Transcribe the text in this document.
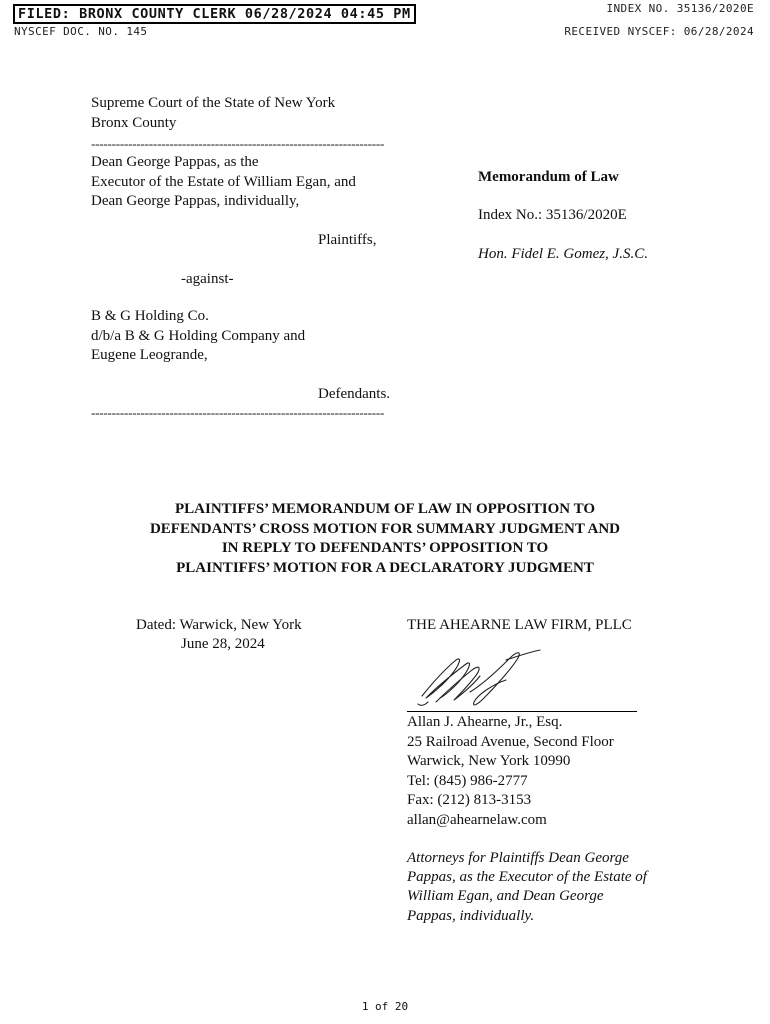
FILED: BRONX COUNTY CLERK 06/28/2024 04:45 PM	INDEX NO. 35136/2020E
NYSCEF DOC. NO. 145	RECEIVED NYSCEF: 06/28/2024
Supreme Court of the State of New York
Bronx County
-----------------------------------------------------------------------
Dean George Pappas, as the
Executor of the Estate of William Egan, and
Dean George Pappas, individually,
Plaintiffs,
-against-
B & G Holding Co.
d/b/a B & G Holding Company and
Eugene Leogrande,
Defendants.
-----------------------------------------------------------------------
Memorandum of Law
Index No.: 35136/2020E
Hon. Fidel E. Gomez, J.S.C.
PLAINTIFFS’ MEMORANDUM OF LAW IN OPPOSITION TO
DEFENDANTS’ CROSS MOTION FOR SUMMARY JUDGMENT AND
IN REPLY TO DEFENDANTS’ OPPOSITION TO
PLAINTIFFS’ MOTION FOR A DECLARATORY JUDGMENT
Dated: Warwick, New York
June 28, 2024
THE AHEARNE LAW FIRM, PLLC
Allan J. Ahearne, Jr., Esq.
25 Railroad Avenue, Second Floor
Warwick, New York 10990
Tel: (845) 986-2777
Fax: (212) 813-3153
allan@ahearnelaw.com
Attorneys for Plaintiffs Dean George
Pappas, as the Executor of the Estate of
William Egan, and Dean George
Pappas, individually.
1 of 20
